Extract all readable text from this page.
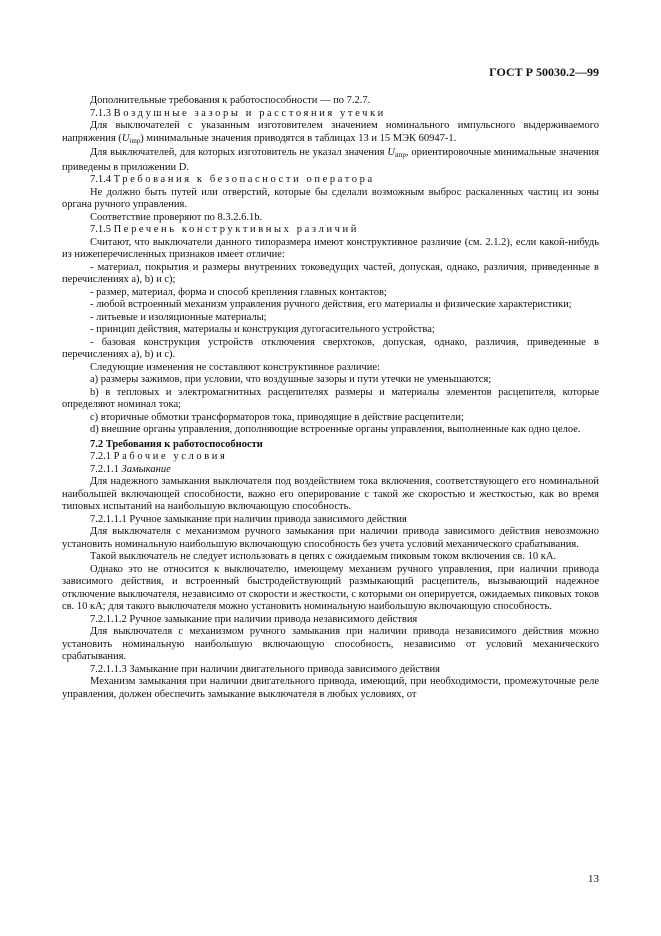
ГОСТ Р 50030.2—99

Дополнительные требования к работоспособности — по 7.2.7.

7.1.3 Воздушные зазоры и расстояния утечки

Для выключателей с указанным изготовителем значением номинального импульсного выдерживаемого напряжения $(U_{imp})$ минимальные значения приводятся в таблицах 13 и 15 МЭК 60947-1.

Для выключателей, для которых изготовитель не указал значения $U_{imp}$, ориентировочные минимальные значения приведены в приложении D.

7.1.4 Требования к безопасности оператора

Не должно быть путей или отверстий, которые бы сделали возможным выброс раскаленных частиц из зоны органа ручного управления.

Соответствие проверяют по 8.3.2.6.1b.

7.1.5 Перечень конструктивных различий

Считают, что выключатели данного типоразмера имеют конструктивное различие (см. 2.1.2), если какой-нибудь из нижеперечисленных признаков имеет отличие:

- материал, покрытия и размеры внутренних токоведущих частей, допуская, однако, различия, приведенные в перечислениях а), b) и с);

- размер, материал, форма и способ крепления главных контактов;

- любой встроенный механизм управления ручного действия, его материалы и физические характеристики;

- литьевые и изоляционные материалы;

- принцип действия, материалы и конструкция дугогасительного устройства;

- базовая конструкция устройств отключения сверхтоков, допуская, однако, различия, приведенные в перечислениях а), b) и с).

Следующие изменения не составляют конструктивное различие:

а) размеры зажимов, при условии, что воздушные зазоры и пути утечки не уменьшаются;

b) в тепловых и электромагнитных расцепителях размеры и материалы элементов расцепителя, которые определяют номинал тока;

с) вторичные обмотки трансформаторов тока, приводящие в действие расцепители;

d) внешние органы управления, дополняющие встроенные органы управления, выполненные как одно целое.

7.2 Требования к работоспособности

7.2.1 Рабочие условия

7.2.1.1 Замыкание

Для надежного замыкания выключателя под воздействием тока включения, соответствующего его номинальной наибольшей включающей способности, важно его оперирование с такой же скоростью и жесткостью, как во время типовых испытаний на наибольшую включающую способность.

7.2.1.1.1 Ручное замыкание при наличии привода зависимого действия

Для выключателя с механизмом ручного замыкания при наличии привода зависимого действия невозможно установить номинальную наибольшую включающую способность без учета условий механического срабатывания.

Такой выключатель не следует использовать в цепях с ожидаемым пиковым током включения св. 10 кА.

Однако это не относится к выключателю, имеющему механизм ручного управления, при наличии привода зависимого действия, и встроенный быстродействующий размыкающий расцепитель, вызывающий надежное отключение выключателя, независимо от скорости и жесткости, с которыми он оперируется, ожидаемых пиковых токов св. 10 кА; для такого выключателя можно установить номинальную наибольшую включающую способность.

7.2.1.1.2 Ручное замыкание при наличии привода независимого действия

Для выключателя с механизмом ручного замыкания при наличии привода независимого действия можно установить номинальную наибольшую включающую способность, независимо от условий механического срабатывания.

7.2.1.1.3 Замыкание при наличии двигательного привода зависимого действия

Механизм замыкания при наличии двигательного привода, имеющий, при необходимости, промежуточные реле управления, должен обеспечить замыкание выключателя в любых условиях, от

13
